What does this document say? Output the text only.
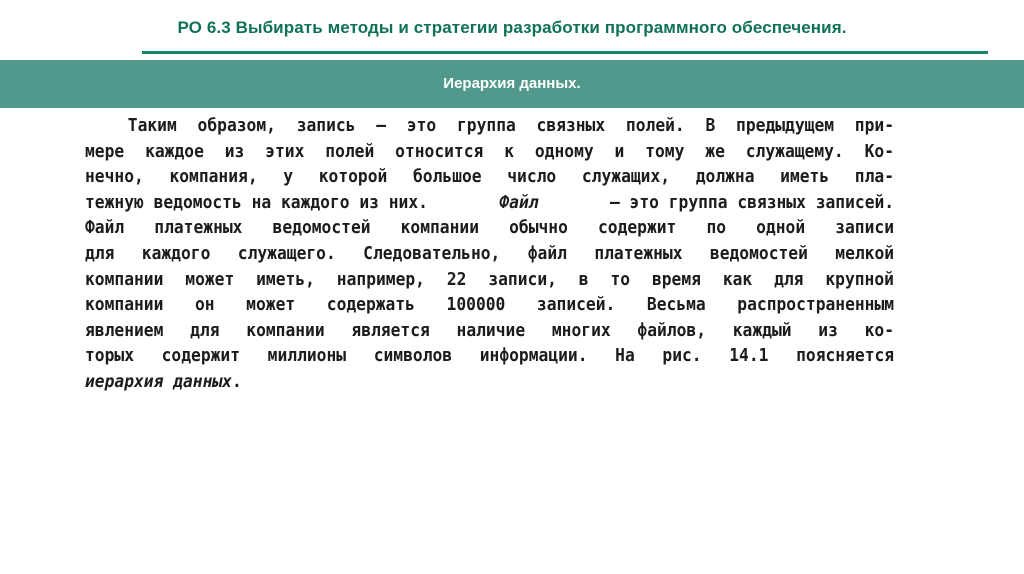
РО 6.3 Выбирать методы и стратегии разработки программного обеспечения.
Иерархия данных.
Таким образом, запись — это группа связных полей. В предыдущем при-
мере каждое из этих полей относится к одному и тому же служащему. Ко-
нечно, компания, у которой большое число служащих, должна иметь пла-
тежную ведомость на каждого из них.	Файл	— это группа связных записей.
Файл платежных ведомостей компании обычно содержит по одной записи
для каждого служащего. Следовательно, файл платежных ведомостей мелкой
компании может иметь, например, 22 записи, в то время как для крупной
компании он может содержать 100000 записей. Весьма распространенным
явлением для компании является наличие многих файлов, каждый из ко-
торых содержит миллионы символов информации. На рис. 14.1 поясняется
иерархия данных .
